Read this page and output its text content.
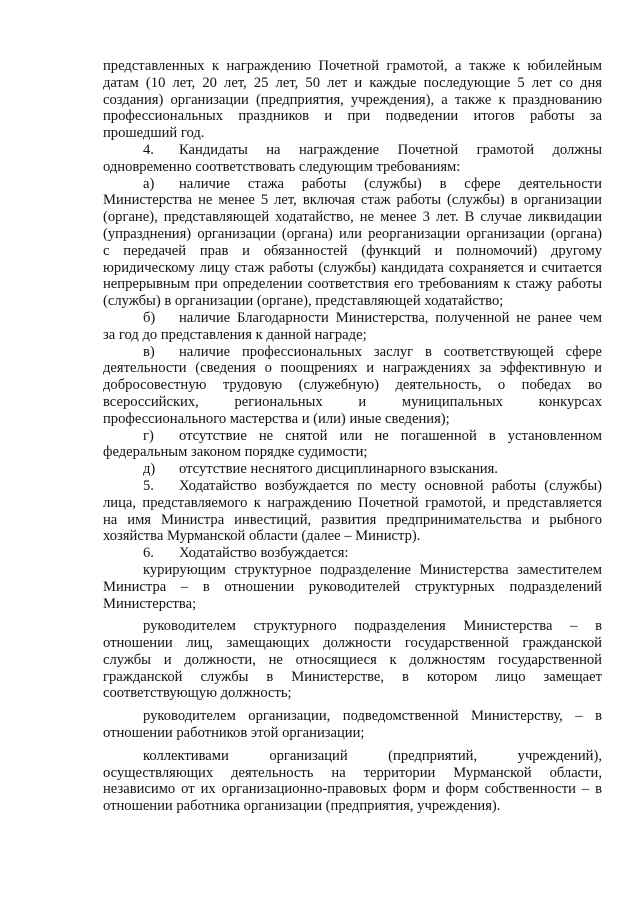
представленных к награждению Почетной грамотой, а также к юбилейным
датам (10 лет, 20 лет, 25 лет, 50 лет и каждые последующие 5 лет со дня
создания) организации (предприятия, учреждения), а также к празднованию
профессиональных праздников и при подведении итогов работы за
прошедший год.
4. Кандидаты на награждение Почетной грамотой должны
одновременно соответствовать следующим требованиям:
а) наличие стажа работы (службы) в сфере деятельности
Министерства не менее 5 лет, включая стаж работы (службы) в организации
(органе), представляющей ходатайство, не менее 3 лет. В случае ликвидации
(упразднения) организации (органа) или реорганизации организации (органа)
с передачей прав и обязанностей (функций и полномочий) другому
юридическому лицу стаж работы (службы) кандидата сохраняется и считается
непрерывным при определении соответствия его требованиям к стажу работы
(службы) в организации (органе), представляющей ходатайство;
б) наличие Благодарности Министерства, полученной не ранее чем
за год до представления к данной награде;
в) наличие профессиональных заслуг в соответствующей сфере
деятельности (сведения о поощрениях и награждениях за эффективную и
добросовестную трудовую (служебную) деятельность, о победах во
всероссийских, региональных и муниципальных конкурсах
профессионального мастерства и (или) иные сведения);
г) отсутствие не снятой или не погашенной в установленном
федеральным законом порядке судимости;
д) отсутствие неснятого дисциплинарного взыскания.
5. Ходатайство возбуждается по месту основной работы (службы)
лица, представляемого к награждению Почетной грамотой, и представляется
на имя Министра инвестиций, развития предпринимательства и рыбного
хозяйства Мурманской области (далее – Министр).
6. Ходатайство возбуждается:
курирующим структурное подразделение Министерства заместителем
Министра – в отношении руководителей структурных подразделений
Министерства;
руководителем структурного подразделения Министерства – в
отношении лиц, замещающих должности государственной гражданской
службы и должности, не относящиеся к должностям государственной
гражданской службы в Министерстве, в котором лицо замещает
соответствующую должность;
руководителем организации, подведомственной Министерству, – в
отношении работников этой организации;
коллективами организаций (предприятий, учреждений),
осуществляющих деятельность на территории Мурманской области,
независимо от их организационно-правовых форм и форм собственности – в
отношении работника организации (предприятия, учреждения).
